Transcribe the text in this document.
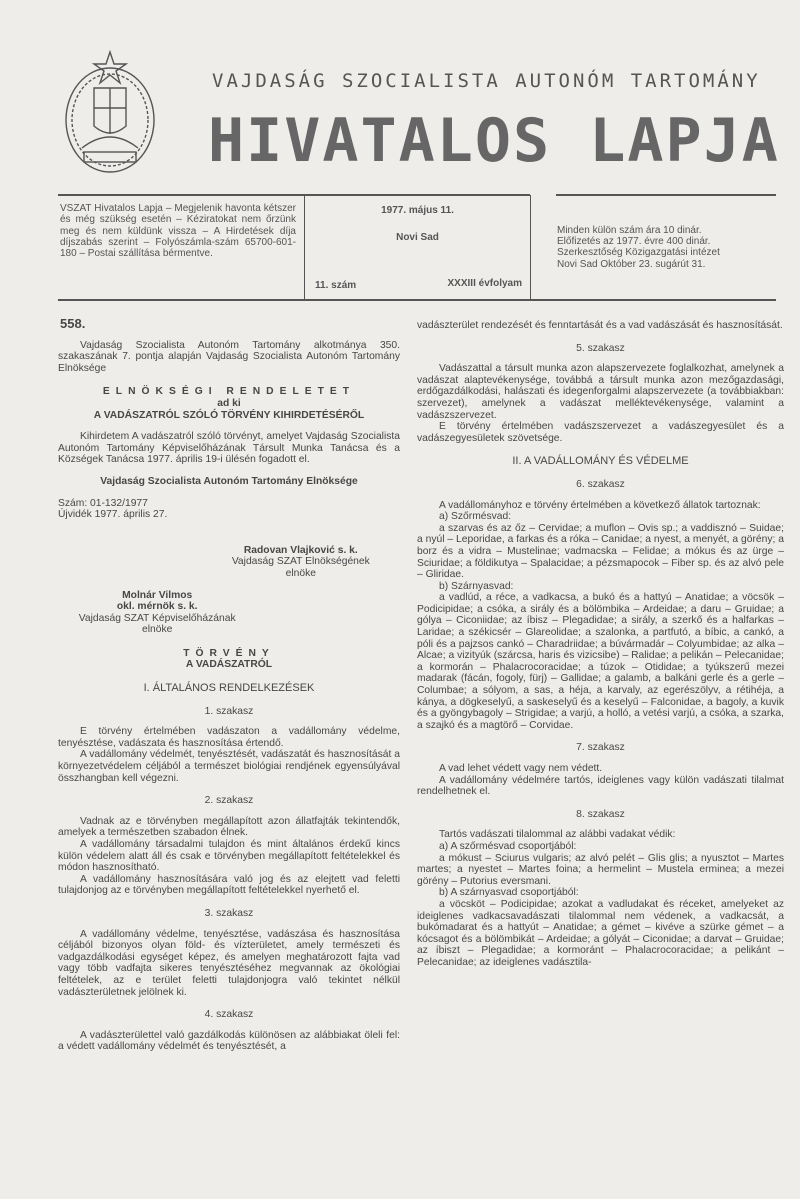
VAJDASÁG SZOCIALISTA AUTONÓM TARTOMÁNY
HIVATALOS LAPJA
VSZAT Hivatalos Lapja – Megjelenik havonta kétszer és még szükség esetén – Kéziratokat nem őrzünk meg és nem küldünk vissza – A Hirdetések díja díjszabás szerint – Folyószámla-szám 65700-601-180 – Postai szállítása bérmentve.
1977. május 11.
Novi Sad
11. szám	XXXIII évfolyam
Minden külön szám ára 10 dinár.
Előfizetés az 1977. évre 400 dinár.
Szerkesztőség Közigazgatási intézet
Novi Sad Október 23. sugárút 31.
558.
Vajdaság Szocialista Autonóm Tartomány alkotmánya 350. szakaszának 7. pontja alapján Vajdaság Szocialista Autonóm Tartomány Elnöksége
ELNÖKSÉGI RENDELETET
ad ki
A VADÁSZATRÓL SZÓLÓ TÖRVÉNY KIHIRDETÉSÉRŐL
Kihirdetem A vadászatról szóló törvényt, amelyet Vajdaság Szocialista Autonóm Tartomány Képviselőházának Társult Munka Tanácsa és a Községek Tanácsa 1977. április 19-i ülésén fogadott el.
Vajdaság Szocialista Autonóm Tartomány Elnöksége
Szám: 01-132/1977
Újvidék 1977. április 27.
Radovan Vlajković s. k.
Vajdaság SZAT Elnökségének
elnöke
Molnár Vilmos
okl. mérnök s. k.
Vajdaság SZAT Képviselőházának
elnöke
TÖRVÉNY
A VADÁSZATRÓL
I. ÁLTALÁNOS RENDELKEZÉSEK
1. szakasz
E törvény értelmében vadászaton a vadállomány védelme, tenyésztése, vadászata és hasznosítása értendő.
A vadállomány védelmét, tenyésztését, vadászatát és hasznosítását a környezetvédelem céljából a természet biológiai rendjének egyensúlyával összhangban kell végezni.
2. szakasz
Vadnak az e törvényben megállapított azon állatfajták tekintendők, amelyek a természetben szabadon élnek.
A vadállomány társadalmi tulajdon és mint általános érdekű kincs külön védelem alatt áll és csak e törvényben megállapított feltételekkel és módon hasznosítható.
A vadállomány hasznosítására való jog és az elejtett vad feletti tulajdonjog az e törvényben megállapított feltételekkel nyerhető el.
3. szakasz
A vadállomány védelme, tenyésztése, vadászása és hasznosítása céljából bizonyos olyan föld- és vízterületet, amely természeti és vadgazdálkodási egységet képez, és amelyen meghatározott fajta vad vagy több vadfajta sikeres tenyésztéséhez megvannak az ökológiai feltételek, az e terület feletti tulajdonjogra való tekintet nélkül vadászterületnek jelölnek ki.
4. szakasz
A vadászterülettel való gazdálkodás különösen az alábbiakat öleli fel: a védett vadállomány védelmét és tenyésztését, a
vadászterület rendezését és fenntartását és a vad vadászását és hasznosítását.
5. szakasz
Vadászattal a társult munka azon alapszervezete foglalkozhat, amelynek a vadászat alaptevékenysége, továbbá a társult munka azon mezőgazdasági, erdőgazdálkodási, halászati és idegenforgalmi alapszervezete (a továbbiakban: szervezet), amelynek a vadászat melléktevékenysége, valamint a vadászszervezet.
E törvény értelmében vadászszervezet a vadászegyesület és a vadászegyesületek szövetsége.
II. A VADÁLLOMÁNY ÉS VÉDELME
6. szakasz
A vadállományhoz e törvény értelmében a következő állatok tartoznak:
a) Szőrmésvad:
a szarvas és az őz – Cervidae; a muflon – Ovis sp.; a vaddisznó – Suidae; a nyúl – Leporidae, a farkas és a róka – Canidae; a nyest, a menyét, a görény; a borz és a vidra – Mustelinae; vadmacska – Felidae; a mókus és az ürge – Sciuridae; a földikutya – Spalacidae; a pézsmapocok – Fiber sp. és az alvó pele – Gliridae.
b) Szárnyasvad:
a vadlúd, a réce, a vadkacsa, a bukó és a hattyú – Anatidae; a vöcsök – Podicipidae; a csóka, a sirály és a bölömbika – Ardeidae; a daru – Gruidae; a gólya – Ciconiidae; az íbisz – Plegadidae; a sirály, a szerkő és a halfarkas – Laridae; a székicsér – Glareolidae; a szalonka, a partfutó, a bíbic, a cankó, a póli és a pajzsos cankó – Charadriidae; a búvármadár – Colyumbidae; az alka – Alcae; a vizityúk (szárcsa, haris és vizicsibe) – Ralidae; a pelikán – Pelecanidae; a kormorán – Phalacrocoracidae; a túzok – Otididae; a tyúkszerű mezei madarak (fácán, fogoly, fürj) – Gallidae; a galamb, a balkáni gerle és a gerle – Columbae; a sólyom, a sas, a héja, a karvaly, az egerészölyv, a rétihéja, a kánya, a dögkeselyű, a saskeselyű és a keselyű – Falconidae, a bagoly, a kuvik és a gyöngybagoly – Strigidae; a varjú, a holló, a vetési varjú, a csóka, a szarka, a szajkó és a magtörő – Corvidae.
7. szakasz
A vad lehet védett vagy nem védett.
A vadállomány védelmére tartós, ideiglenes vagy külön vadászati tilalmat rendelhetnek el.
8. szakasz
Tartós vadászati tilalommal az alábbi vadakat védik:
a) A szőrmésvad csoportjából:
a mókust – Sciurus vulgaris; az alvó pelét – Glis glis; a nyusztot – Martes martes; a nyestet – Martes foina; a hermelint – Mustela erminea; a mezei görény – Putorius eversmani.
b) A szárnyasvad csoportjából:
a vöcsköt – Podicipidae; azokat a vadludakat és réceket, amelyeket az ideiglenes vadkacsavadászati tilalommal nem védenek, a vadkacsát, a bukómadarat és a hattyút – Anatidae; a gémet – kivéve a szürke gémet – a kócsagot és a bölömbikát – Ardeidae; a gólyát – Ciconidae; a darvat – Gruidae; az íbiszt – Plegadidae; a kormoránt – Phalacrocoracidae; a pelikánt – Pelecanidae; az ideiglenes vadásztila-
